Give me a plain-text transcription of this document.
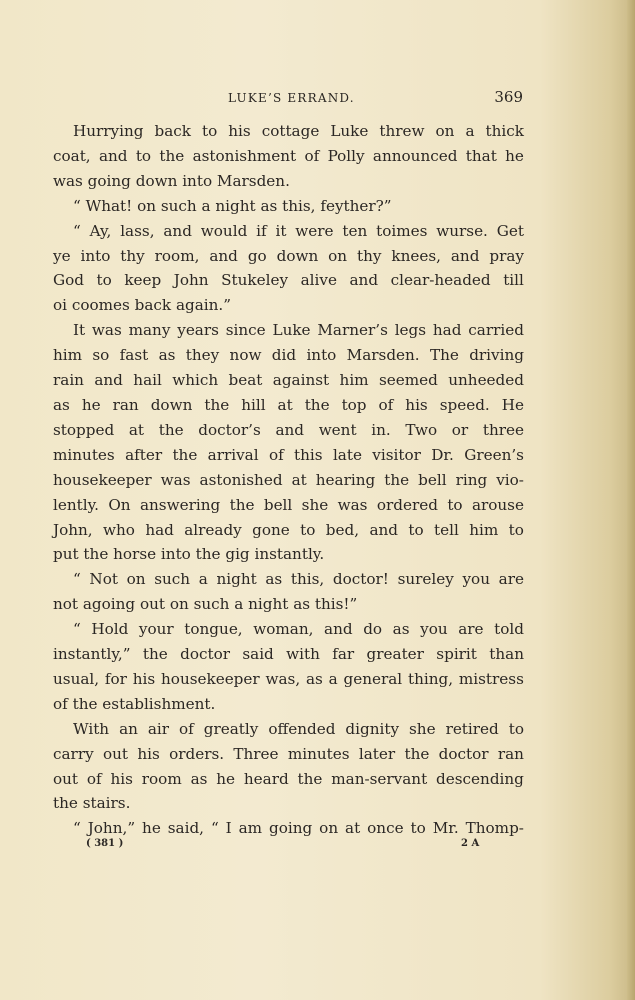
LUKE’S ERRAND.	369
Hurrying back to his cottage Luke threw on a thick
coat, and to the astonishment of Polly announced that he
was going down into Marsden.
“ What! on such a night as this, feyther?”
“ Ay, lass, and would if it were ten toimes wurse. Get
ye into thy room, and go down on thy knees, and pray
God to keep John Stukeley alive and clear-headed till
oi coomes back again.”
It was many years since Luke Marner’s legs had carried
him so fast as they now did into Marsden. The driving
rain and hail which beat against him seemed unheeded
as he ran down the hill at the top of his speed. He
stopped at the doctor’s and went in. Two or three
minutes after the arrival of this late visitor Dr. Green’s
housekeeper was astonished at hearing the bell ring vio-
lently. On answering the bell she was ordered to arouse
John, who had already gone to bed, and to tell him to
put the horse into the gig instantly.
“ Not on such a night as this, doctor! sureley you are
not agoing out on such a night as this!”
“ Hold your tongue, woman, and do as you are told
instantly,” the doctor said with far greater spirit than
usual, for his housekeeper was, as a general thing, mistress
of the establishment.
With an air of greatly offended dignity she retired to
carry out his orders. Three minutes later the doctor ran
out of his room as he heard the man-servant descending
the stairs.
“ John,” he said, “ I am going on at once to Mr. Thomp-
( 381 )	2 A
